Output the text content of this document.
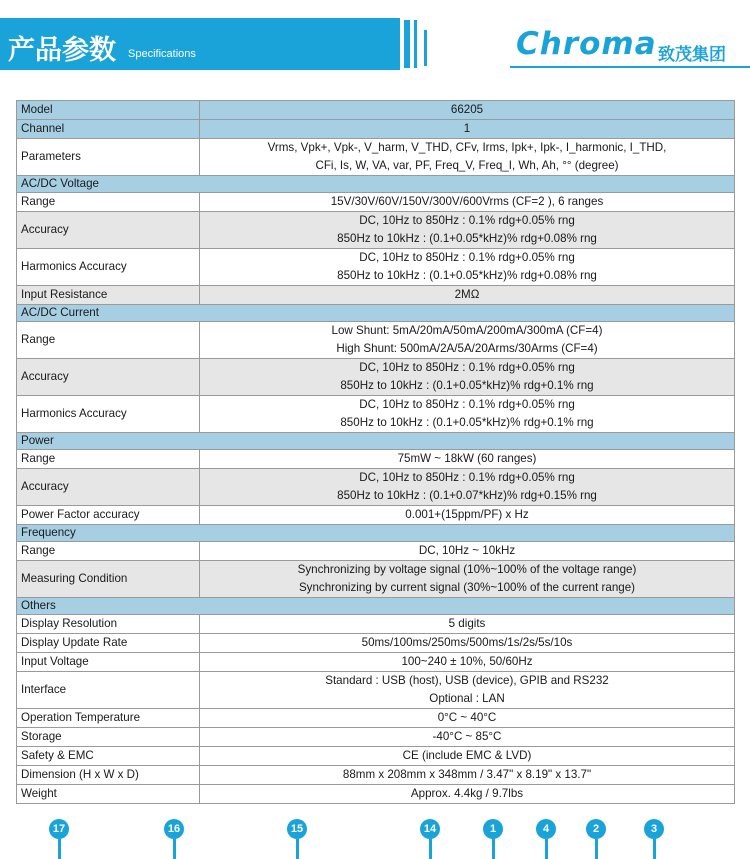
产品参数 Specifications	Chroma 致茂集团
Model	66205

Channel	1

Parameters	Vrms, Vpk+, Vpk-, V_harm, V_THD, CFv, Irms, Ipk+, Ipk-, I_harmonic, I_THD,
CFi, Is, W, VA, var, PF, Freq_V, Freq_I, Wh, Ah, °° (degree)

AC/DC Voltage	
Range	15V/30V/60V/150V/300V/600Vrms (CF=2 ), 6 ranges

Accuracy	DC, 10Hz to 850Hz : 0.1% rdg+0.05% rng
850Hz to 10kHz : (0.1+0.05*kHz)% rdg+0.08% rng

Harmonics Accuracy	DC, 10Hz to 850Hz : 0.1% rdg+0.05% rng
850Hz to 10kHz : (0.1+0.05*kHz)% rdg+0.08% rng

Input Resistance	2MΩ

AC/DC Current	
Range	Low Shunt: 5mA/20mA/50mA/200mA/300mA (CF=4)
High Shunt: 500mA/2A/5A/20Arms/30Arms (CF=4)

Accuracy	DC, 10Hz to 850Hz : 0.1% rdg+0.05% rng
850Hz to 10kHz : (0.1+0.05*kHz)% rdg+0.1% rng

Harmonics Accuracy	DC, 10Hz to 850Hz : 0.1% rdg+0.05% rng
850Hz to 10kHz : (0.1+0.05*kHz)% rdg+0.1% rng

Power	
Range	75mW ~ 18kW (60 ranges)

Accuracy	DC, 10Hz to 850Hz : 0.1% rdg+0.05% rng
850Hz to 10kHz : (0.1+0.07*kHz)% rdg+0.15% rng

Power Factor accuracy	0.001+(15ppm/PF) x Hz

Frequency	
Range	DC, 10Hz ~ 10kHz

Measuring Condition	Synchronizing by voltage signal (10%~100% of the voltage range)
Synchronizing by current signal (30%~100% of the current range)

Others	
Display Resolution	5 digits

Display Update Rate	50ms/100ms/250ms/500ms/1s/2s/5s/10s

Input Voltage	100~240 ± 10%, 50/60Hz

Interface	Standard : USB (host), USB (device), GPIB and RS232
Optional : LAN

Operation Temperature	0°C ~ 40°C

Storage	-40°C ~ 85°C

Safety & EMC	CE (include EMC & LVD)

Dimension (H x W x D)	88mm x 208mm x 348mm / 3.47" x 8.19" x 13.7"

Weight	Approx. 4.4kg / 9.7lbs
17	16	15	14	1	4	2	3
